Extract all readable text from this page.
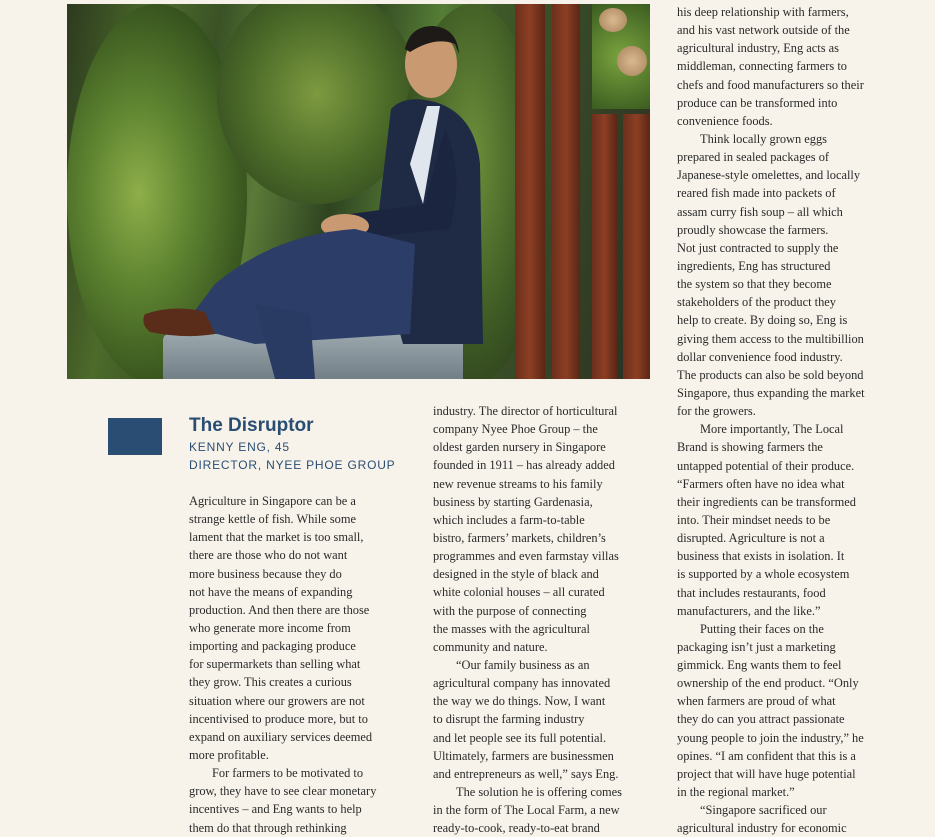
The Disruptor
KENNY ENG, 45
DIRECTOR, NYEE PHOE GROUP
Agriculture in Singapore can be a
strange kettle of fish. While some
lament that the market is too small,
there are those who do not want
more business because they do
not have the means of expanding
production. And then there are those
who generate more income from
importing and packaging produce
for supermarkets than selling what
they grow. This creates a curious
situation where our growers are not
incentivised to produce more, but to
expand on auxiliary services deemed
more profitable.
For farmers to be motivated to
grow, they have to see clear monetary
incentives – and Eng wants to help
them do that through rethinking
industry. The director of horticultural
company Nyee Phoe Group – the
oldest garden nursery in Singapore
founded in 1911 – has already added
new revenue streams to his family
business by starting Gardenasia,
which includes a farm-to-table
bistro, farmers’ markets, children’s
programmes and even farmstay villas
designed in the style of black and
white colonial houses – all curated
with the purpose of connecting
the masses with the agricultural
community and nature.
“Our family business as an
agricultural company has innovated
the way we do things. Now, I want
to disrupt the farming industry
and let people see its full potential.
Ultimately, farmers are businessmen
and entrepreneurs as well,” says Eng.
The solution he is offering comes
in the form of The Local Farm, a new
ready-to-cook, ready-to-eat brand
his deep relationship with farmers,
and his vast network outside of the
agricultural industry, Eng acts as
middleman, connecting farmers to
chefs and food manufacturers so their
produce can be transformed into
convenience foods.
Think locally grown eggs
prepared in sealed packages of
Japanese-style omelettes, and locally
reared fish made into packets of
assam curry fish soup – all which
proudly showcase the farmers.
Not just contracted to supply the
ingredients, Eng has structured
the system so that they become
stakeholders of the product they
help to create. By doing so, Eng is
giving them access to the multibillion
dollar convenience food industry.
The products can also be sold beyond
Singapore, thus expanding the market
for the growers.
More importantly, The Local
Brand is showing farmers the
untapped potential of their produce.
“Farmers often have no idea what
their ingredients can be transformed
into. Their mindset needs to be
disrupted. Agriculture is not a
business that exists in isolation. It
is supported by a whole ecosystem
that includes restaurants, food
manufacturers, and the like.”
Putting their faces on the
packaging isn’t just a marketing
gimmick. Eng wants them to feel
ownership of the end product. “Only
when farmers are proud of what
they do can you attract passionate
young people to join the industry,” he
opines. “I am confident that this is a
project that will have huge potential
in the regional market.”
“Singapore sacrificed our
agricultural industry for economic
